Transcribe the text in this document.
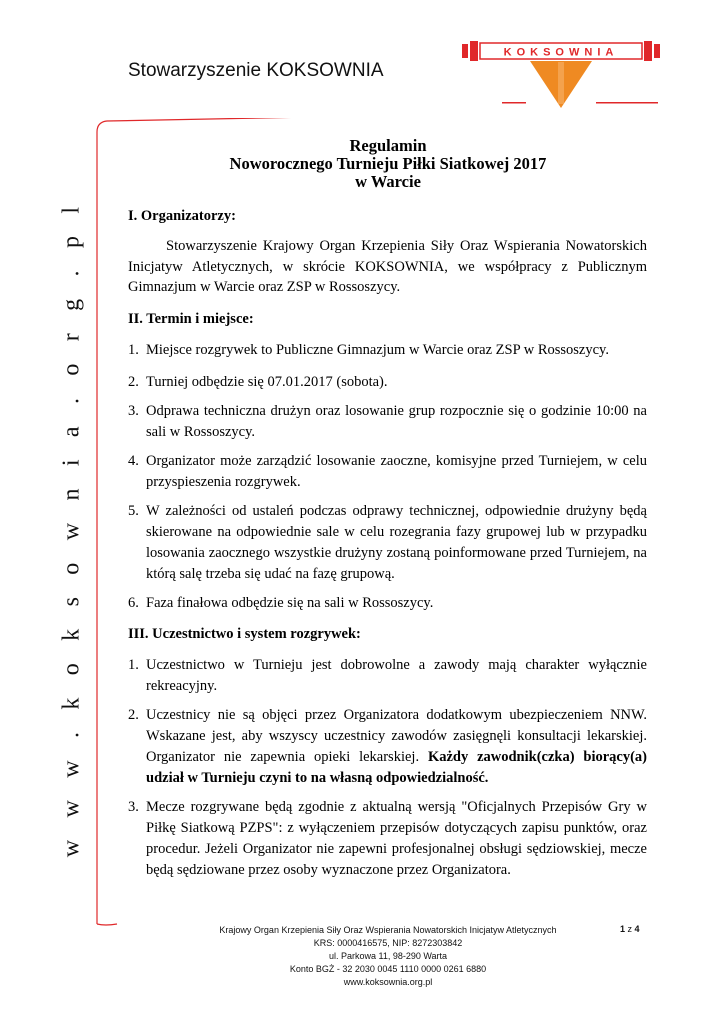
Stowarzyszenie KOKSOWNIA
KOKSOWNIA
w w w . k o k s o w n i a . o r g . p l
Regulamin
Noworocznego Turnieju Piłki Siatkowej 2017
w Warcie
I. Organizatorzy:
Stowarzyszenie Krajowy Organ Krzepienia Siły Oraz Wspierania Nowatorskich Inicjatyw Atletycznych, w skrócie KOKSOWNIA, we współpracy z Publicznym Gimnazjum w Warcie oraz ZSP w Rossoszycy.
II. Termin i miejsce:
1. Miejsce rozgrywek to Publiczne Gimnazjum w Warcie oraz ZSP w Rossoszycy.
2. Turniej odbędzie się 07.01.2017 (sobota).
3. Odprawa techniczna drużyn oraz losowanie grup rozpocznie się o godzinie 10:00 na sali w Rossoszycy.
4. Organizator może zarządzić losowanie zaoczne, komisyjne przed Turniejem, w celu przyspieszenia rozgrywek.
5. W zależności od ustaleń podczas odprawy technicznej, odpowiednie drużyny będą skierowane na odpowiednie sale w celu rozegrania fazy grupowej lub w przypadku losowania zaocznego wszystkie drużyny zostaną poinformowane przed Turniejem, na którą salę trzeba się udać na fazę grupową.
6. Faza finałowa odbędzie się na sali w Rossoszycy.
III. Uczestnictwo i system rozgrywek:
1. Uczestnictwo w Turnieju jest dobrowolne a zawody mają charakter wyłącznie rekreacyjny.
2. Uczestnicy nie są objęci przez Organizatora dodatkowym ubezpieczeniem NNW. Wskazane jest, aby wszyscy uczestnicy zawodów zasięgnęli konsultacji lekarskiej. Organizator nie zapewnia opieki lekarskiej. Każdy zawodnik(czka) biorący(a) udział w Turnieju czyni to na własną odpowiedzialność.
3. Mecze rozgrywane będą zgodnie z aktualną wersją "Oficjalnych Przepisów Gry w Piłkę Siatkową PZPS": z wyłączeniem przepisów dotyczących zapisu punktów, oraz procedur. Jeżeli Organizator nie zapewni profesjonalnej obsługi sędziowskiej, mecze będą sędziowane przez osoby wyznaczone przez Organizatora.
Krajowy Organ Krzepienia Siły Oraz Wspierania Nowatorskich Inicjatyw Atletycznych
KRS: 0000416575, NIP: 8272303842
ul. Parkowa 11, 98-290 Warta
Konto BGŻ - 32 2030 0045 1110 0000 0261 6880
www.koksownia.org.pl
1 z 4
